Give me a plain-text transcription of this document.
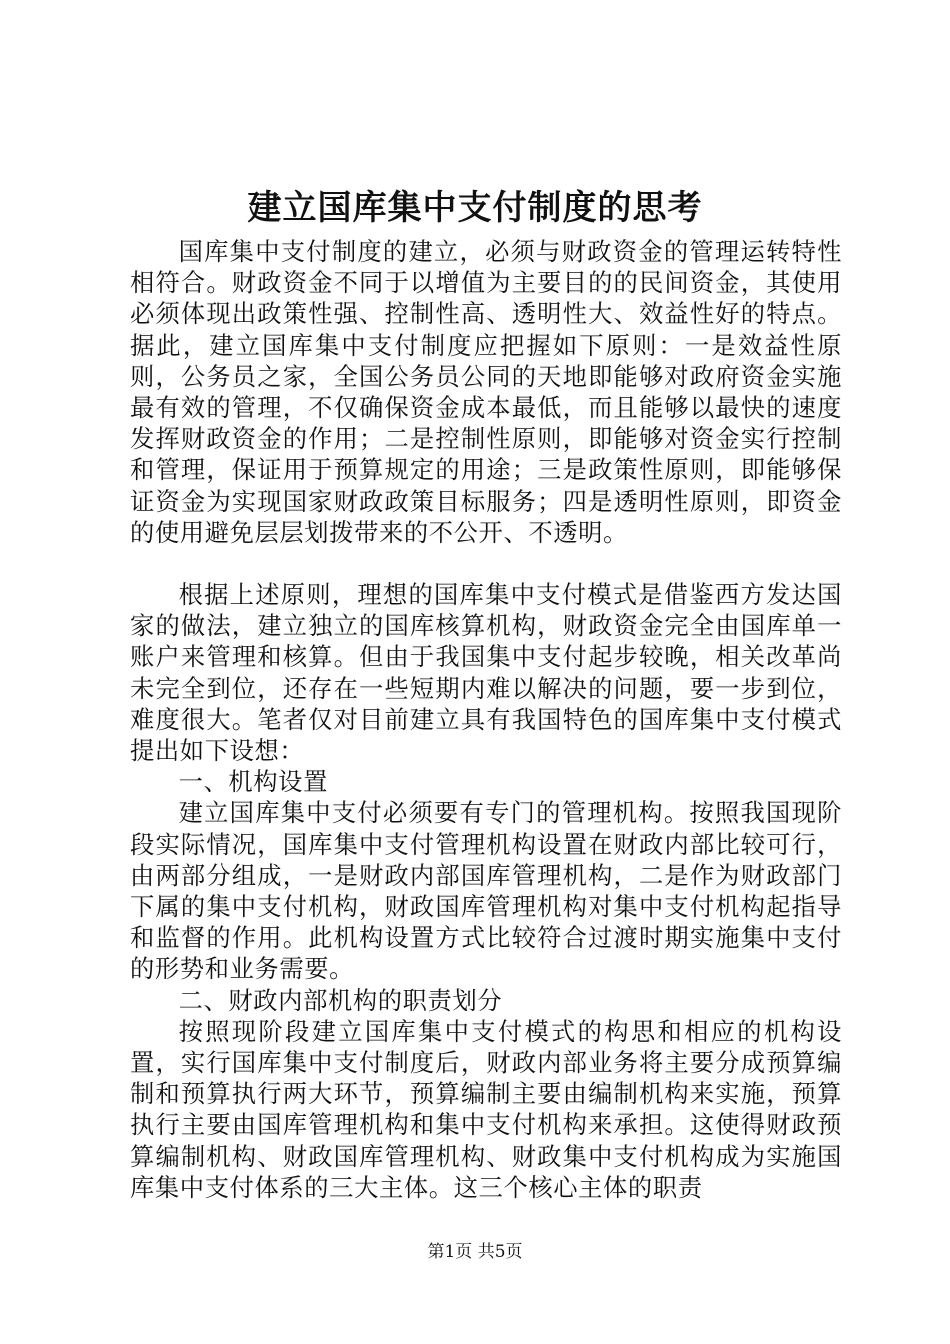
建立国库集中支付制度的思考

国库集中支付制度的建立，必须与财政资金的管理运转特性相符合。财政资金不同于以增值为主要目的的民间资金，其使用必须体现出政策性强、控制性高、透明性大、效益性好的特点。据此，建立国库集中支付制度应把握如下原则：一是效益性原则，公务员之家，全国公务员公同的天地即能够对政府资金实施最有效的管理，不仅确保资金成本最低，而且能够以最快的速度发挥财政资金的作用；二是控制性原则，即能够对资金实行控制和管理，保证用于预算规定的用途；三是政策性原则，即能够保证资金为实现国家财政政策目标服务；四是透明性原则，即资金的使用避免层层划拨带来的不公开、不透明。

根据上述原则，理想的国库集中支付模式是借鉴西方发达国家的做法，建立独立的国库核算机构，财政资金完全由国库单一账户来管理和核算。但由于我国集中支付起步较晚，相关改革尚未完全到位，还存在一些短期内难以解决的问题，要一步到位，难度很大。笔者仅对目前建立具有我国特色的国库集中支付模式提出如下设想：

一、机构设置

建立国库集中支付必须要有专门的管理机构。按照我国现阶段实际情况，国库集中支付管理机构设置在财政内部比较可行，由两部分组成，一是财政内部国库管理机构，二是作为财政部门下属的集中支付机构，财政国库管理机构对集中支付机构起指导和监督的作用。此机构设置方式比较符合过渡时期实施集中支付的形势和业务需要。

二、财政内部机构的职责划分

按照现阶段建立国库集中支付模式的构思和相应的机构设置，实行国库集中支付制度后，财政内部业务将主要分成预算编制和预算执行两大环节，预算编制主要由编制机构来实施，预算执行主要由国库管理机构和集中支付机构来承担。这使得财政预算编制机构、财政国库管理机构、财政集中支付机构成为实施国库集中支付体系的三大主体。这三个核心主体的职责

第1页 共5页
